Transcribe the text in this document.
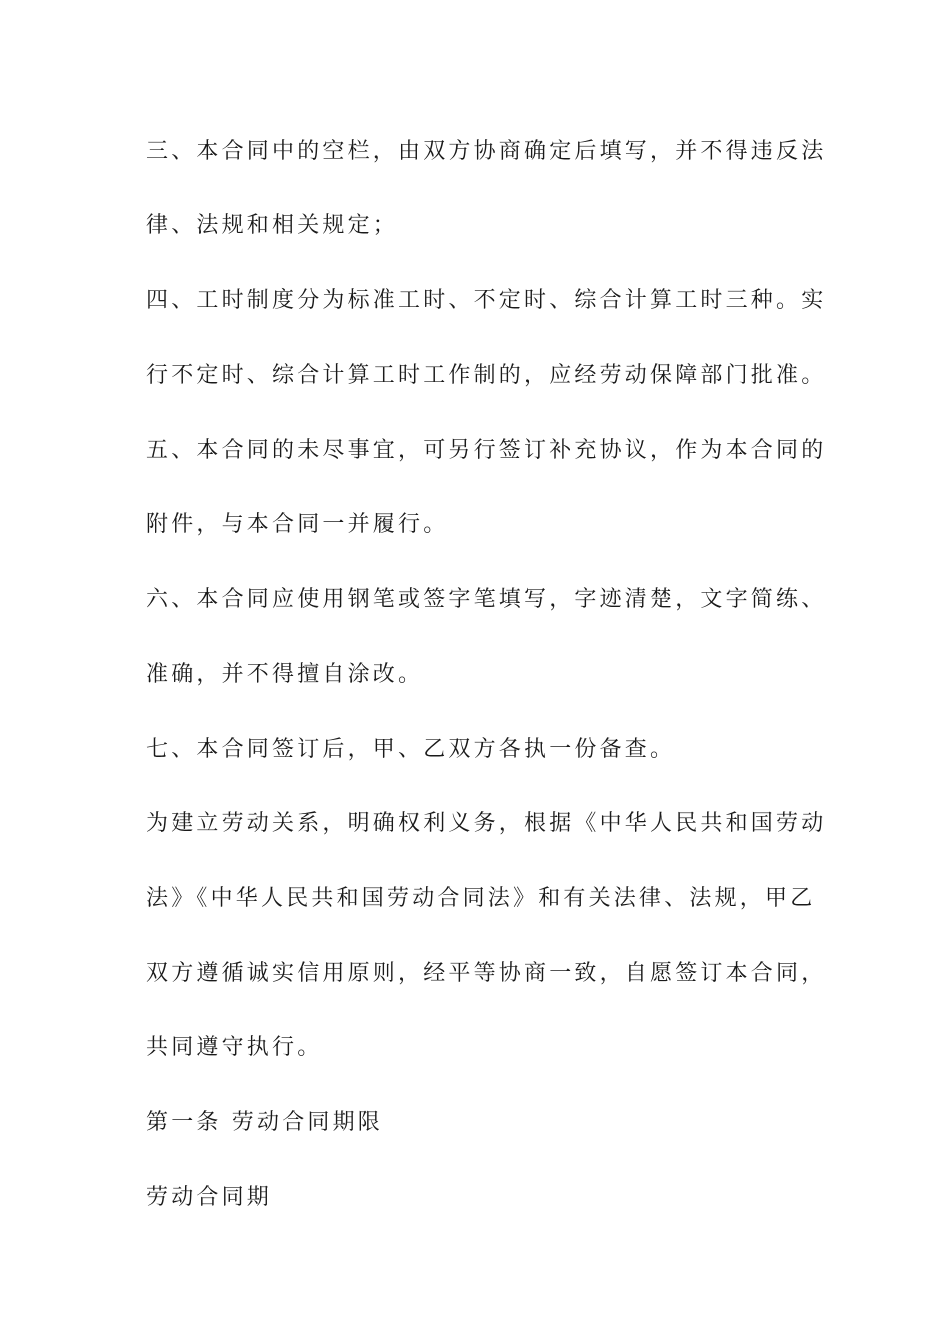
三、本合同中的空栏，由双方协商确定后填写，并不得违反法
律、法规和相关规定；
四、工时制度分为标准工时、不定时、综合计算工时三种。实
行不定时、综合计算工时工作制的，应经劳动保障部门批准。
五、本合同的未尽事宜，可另行签订补充协议，作为本合同的
附件，与本合同一并履行。
六、本合同应使用钢笔或签字笔填写，字迹清楚，文字简练、
准确，并不得擅自涂改。
七、本合同签订后，甲、乙双方各执一份备查。
为建立劳动关系，明确权利义务，根据《中华人民共和国劳动
法》《中华人民共和国劳动合同法》和有关法律、法规，甲乙
双方遵循诚实信用原则，经平等协商一致，自愿签订本合同，
共同遵守执行。
第一条 劳动合同期限
劳动合同期
